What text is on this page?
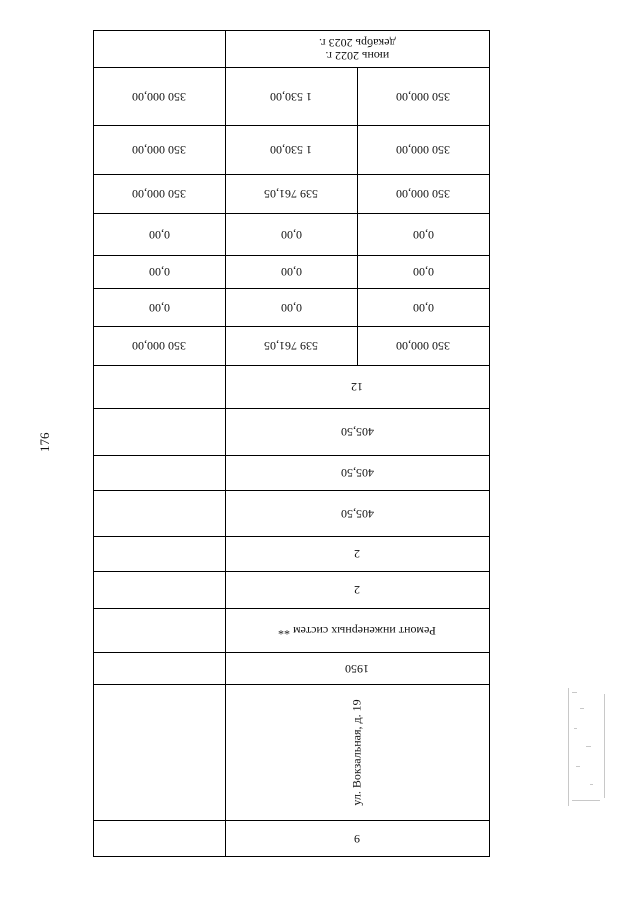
176
июнь 2022 г.
декабрь 2023 г.
350 000,00	1 530,00	350 000,00
350 000,00	1 530,00	350 000,00
350 000,00	539 761,05	350 000,00
0,00	0,00	0,00
0,00	0,00	0,00
0,00	0,00	0,00
350 000,00	539 761,05	350 000,00
12
405,50
405,50
405,50
2
2
Ремонт инженерных систем **
1950
ул. Вокзальная, д. 19
9
